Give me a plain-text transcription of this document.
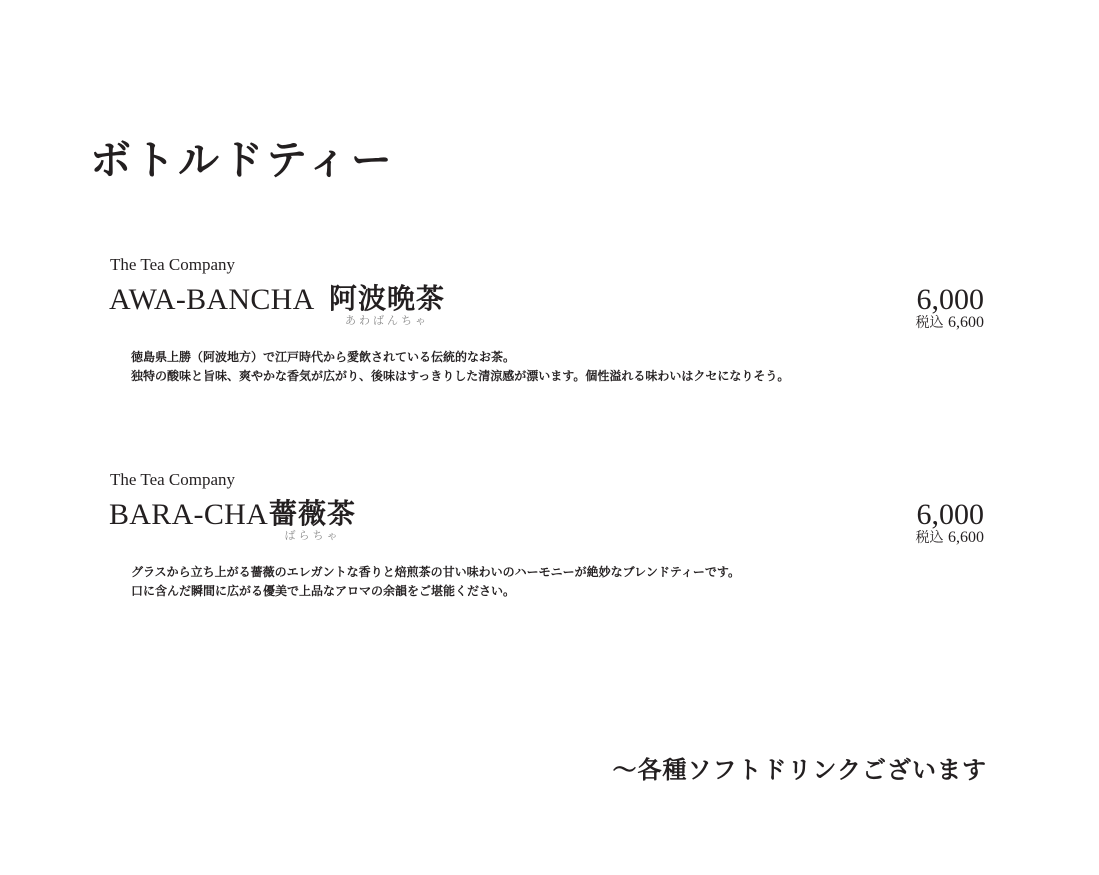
ボトルドティー
The Tea Company
AWA-BANCHA 阿波晩茶
あわばんちゃ
6,000
税込 6,600
徳島県上勝（阿波地方）で江戸時代から愛飲されている伝統的なお茶。
独特の酸味と旨味、爽やかな香気が広がり、後味はすっきりした清涼感が漂います。個性溢れる味わいはクセになりそう。
The Tea Company
BARA-CHA 薔薇茶
ばらちゃ
6,000
税込 6,600
グラスから立ち上がる薔薇のエレガントな香りと焙煎茶の甘い味わいのハーモニーが絶妙なブレンドティーです。
口に含んだ瞬間に広がる優美で上品なアロマの余韻をご堪能ください。
～各種ソフトドリンクございます
